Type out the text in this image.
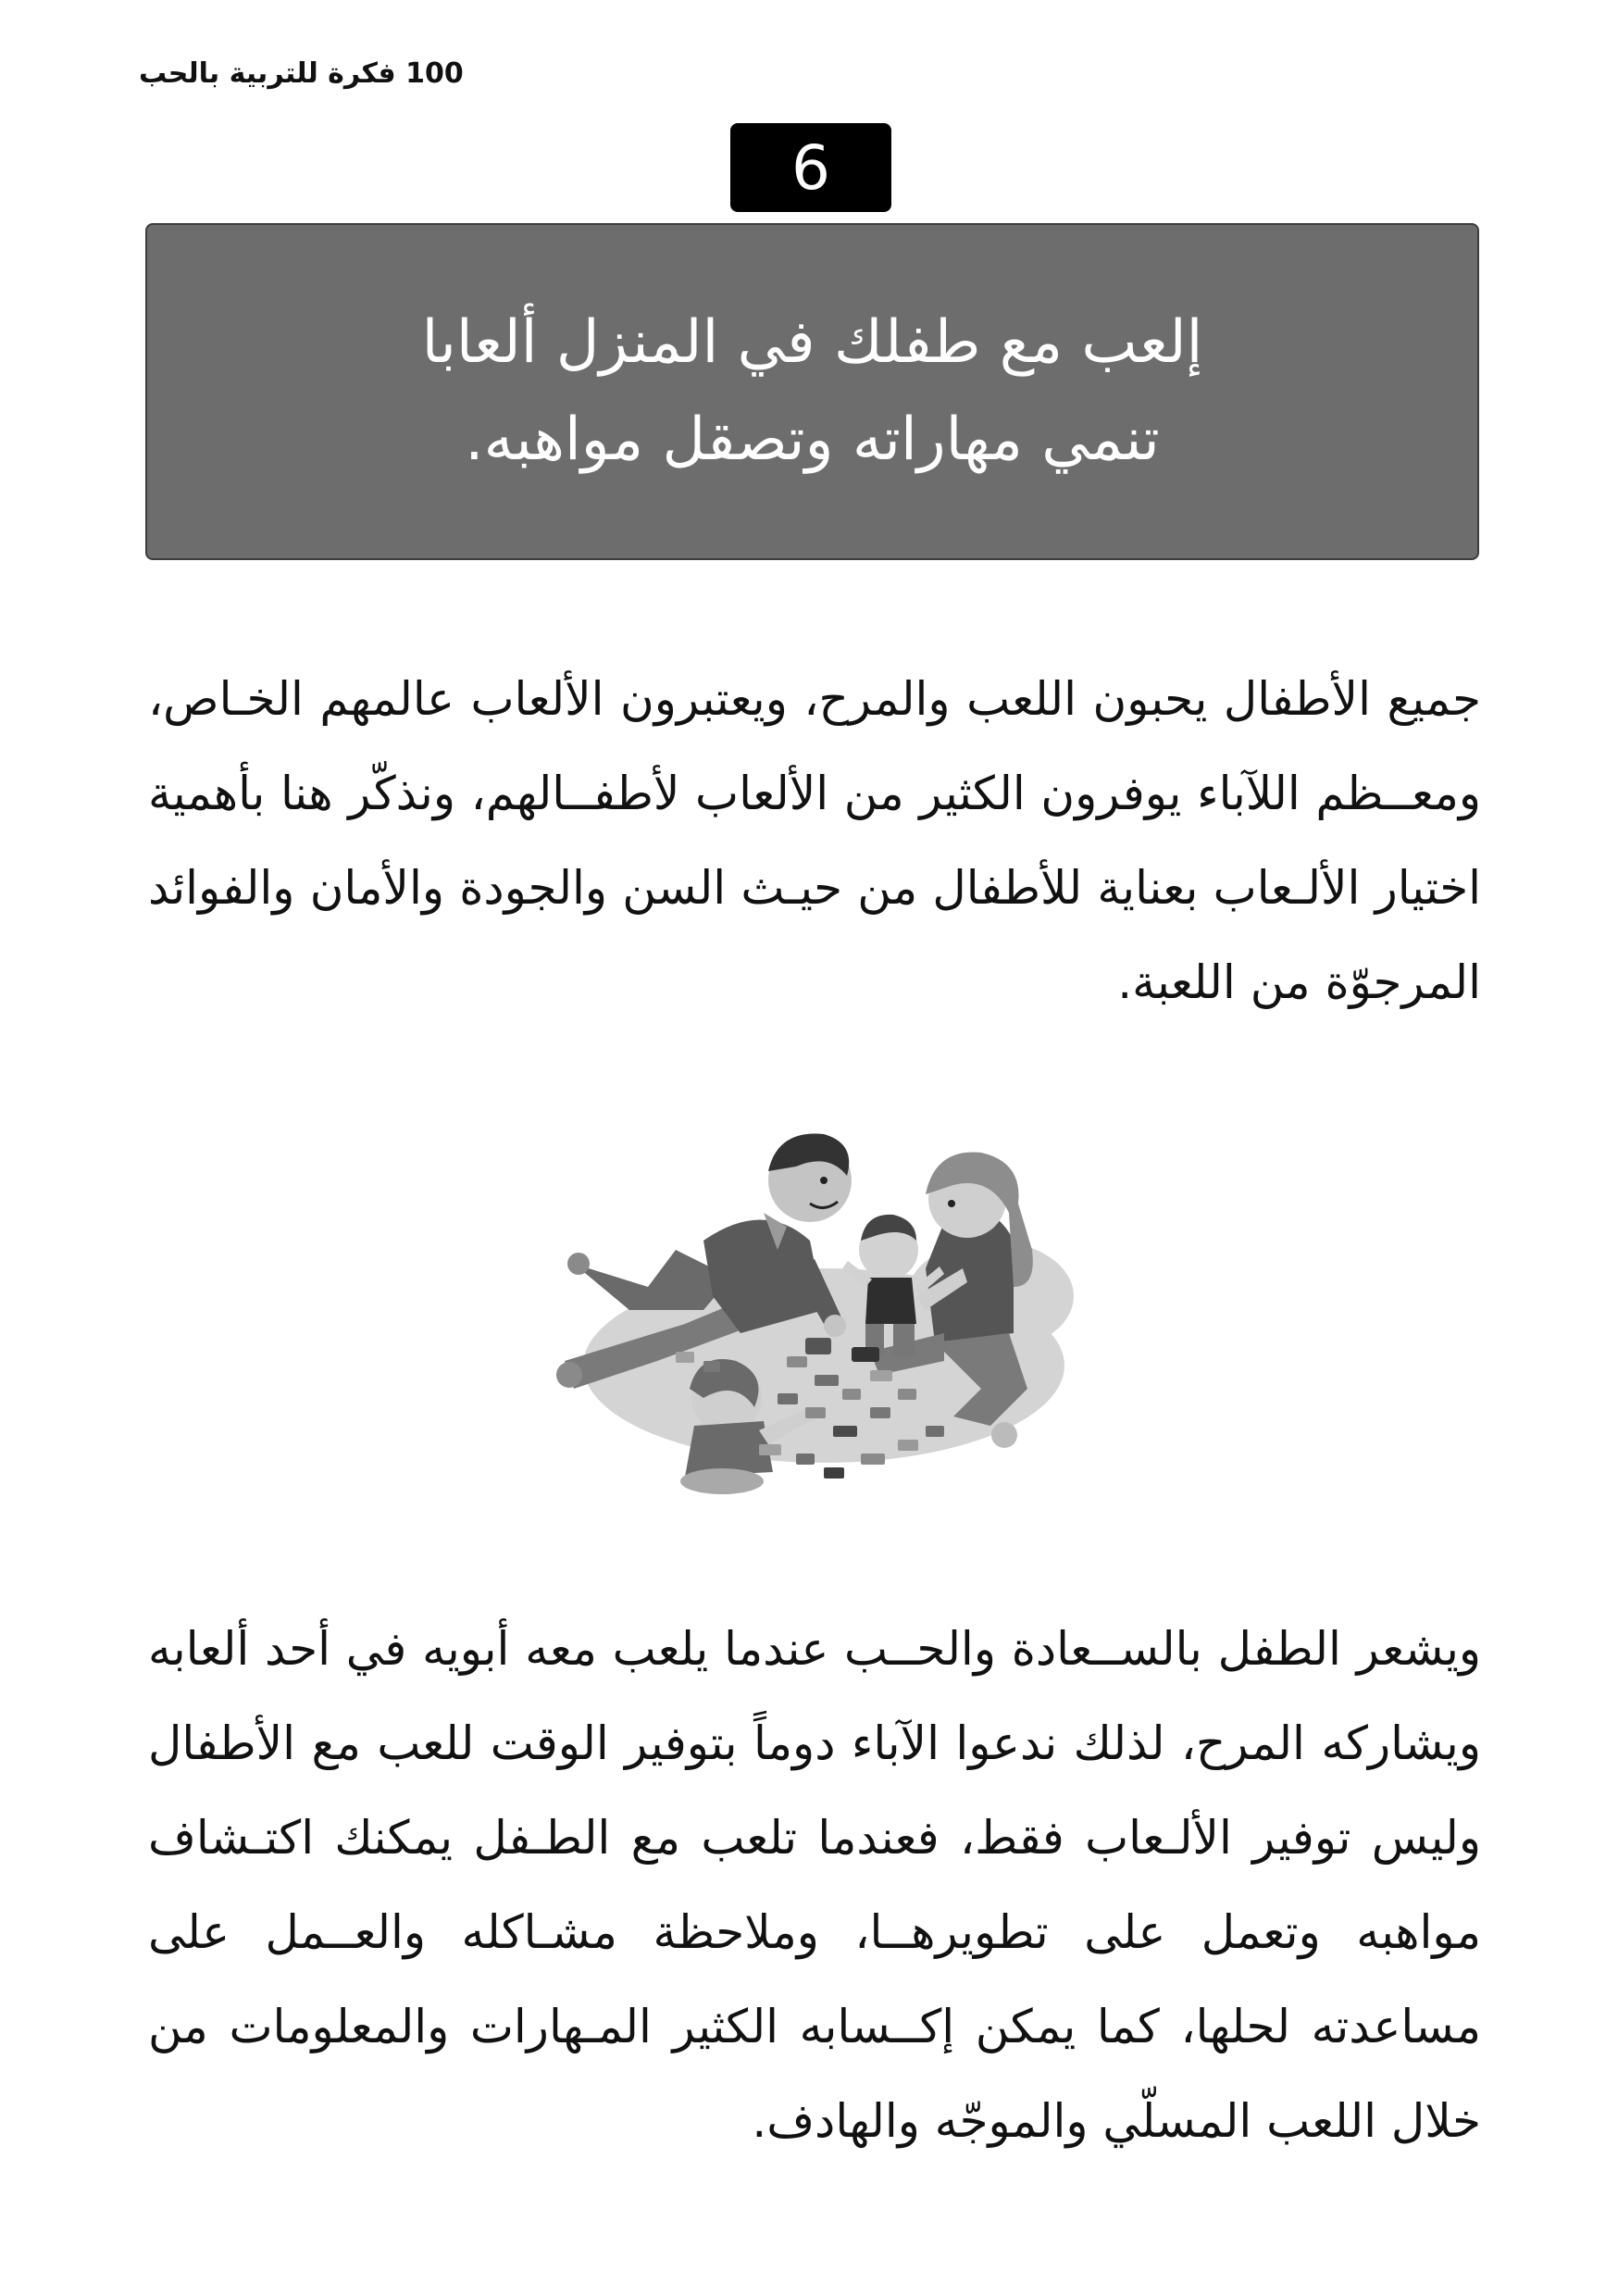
100 فكرة للتربية بالحب
6
إلعب مع طفلك في المنزل ألعابا
تنمي مهاراته وتصقل مواهبه.

جميع الأطفال يحبون اللعب والمرح، ويعتبرون الألعاب عالمهم الخـاص، ومعــظم اللآباء يوفرون الكثير من الألعاب لأطفــالهم، ونذكّر هنا بأهمية اختيار الألـعاب بعناية للأطفال من حيـث السن والجودة والأمان والفوائد المرجوّة من اللعبة.

ويشعر الطفل بالســعادة والحــب عندما يلعب معه أبويه في أحد ألعابه ويشاركه المرح، لذلك ندعوا الآباء دوماً بتوفير الوقت للعب مع الأطفال وليس توفير الألـعاب فقط، فعندما تلعب مع الطـفل يمكنك اكتـشاف مواهبه وتعمل على تطويرهــا، وملاحظة مشـاكله والعــمل على مساعدته لحلها، كما يمكن إكــسابه الكثير المـهارات والمعلومات من خلال اللعب المسلّي والموجّه والهادف.
